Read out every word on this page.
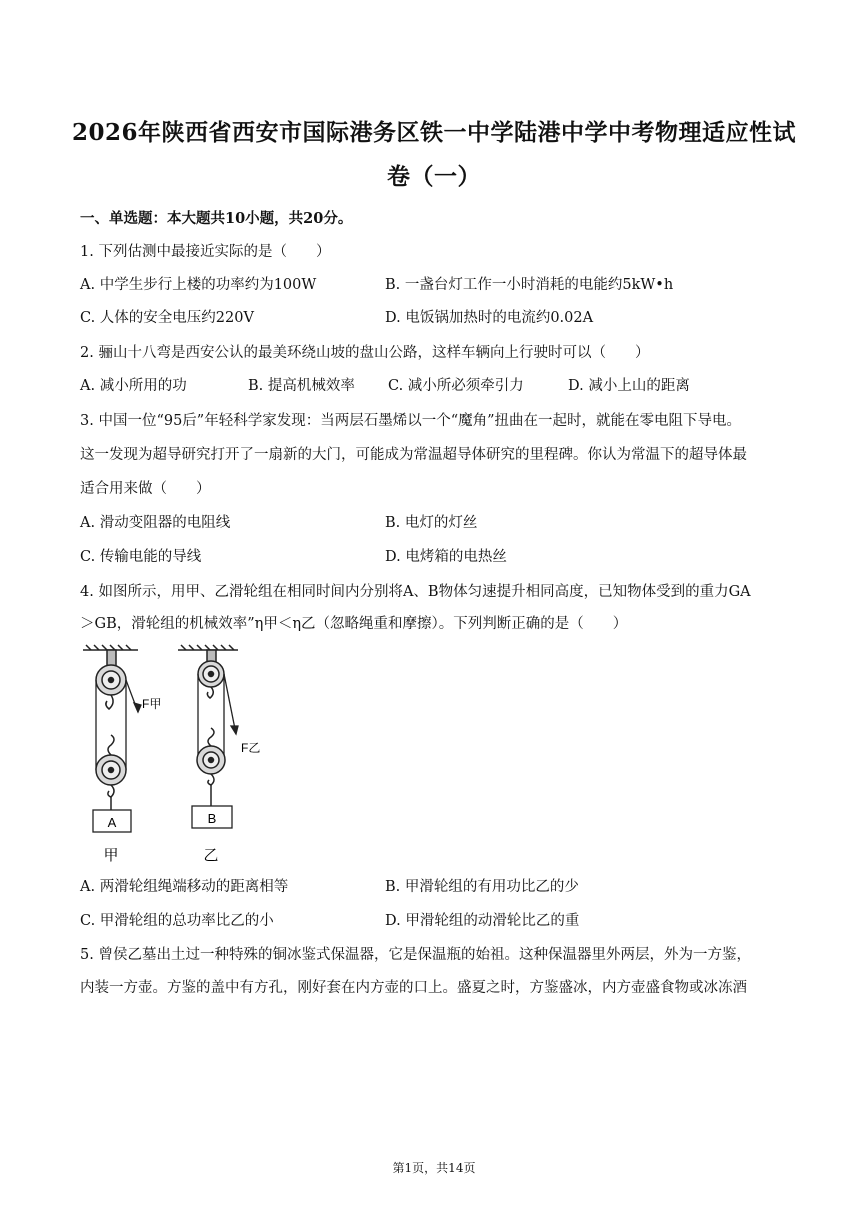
2026年陕西省西安市国际港务区铁一中学陆港中学中考物理适应性试
卷（一）
一、单选题：本大题共10小题，共20分。
1. 下列估测中最接近实际的是（　　）
A. 中学生步行上楼的功率约为100W	B. 一盏台灯工作一小时消耗的电能约5kW•h
C. 人体的安全电压约220V	D. 电饭锅加热时的电流约0.02A
2. 骊山十八弯是西安公认的最美环绕山坡的盘山公路，这样车辆向上行驶时可以（　　）
A. 减小所用的功	B. 提高机械效率 C. 减小所必须牵引力	D. 减小上山的距离
3. 中国一位“95后”年轻科学家发现：当两层石墨烯以一个“魔角”扭曲在一起时，就能在零电阻下导电。
这一发现为超导研究打开了一扇新的大门，可能成为常温超导体研究的里程碑。你认为常温下的超导体最
适合用来做（　　）
A. 滑动变阻器的电阻线	B. 电灯的灯丝
C. 传输电能的导线	D. 电烤箱的电热丝
4. 如图所示，用甲、乙滑轮组在相同时间内分别将A、B物体匀速提升相同高度，已知物体受到的重力GA
＞GB，滑轮组的机械效率”η甲＜η乙（忽略绳重和摩擦）。下列判断正确的是（　　）
A
F甲
甲
B
F乙
乙
A. 两滑轮组绳端移动的距离相等	B. 甲滑轮组的有用功比乙的少
C. 甲滑轮组的总功率比乙的小	D. 甲滑轮组的动滑轮比乙的重
5. 曾侯乙墓出土过一种特殊的铜冰鉴式保温器，它是保温瓶的始祖。这种保温器里外两层，外为一方鉴，
内装一方壶。方鉴的盖中有方孔，刚好套在内方壶的口上。盛夏之时，方鉴盛冰，内方壶盛食物或冰冻酒
第1页，共14页
